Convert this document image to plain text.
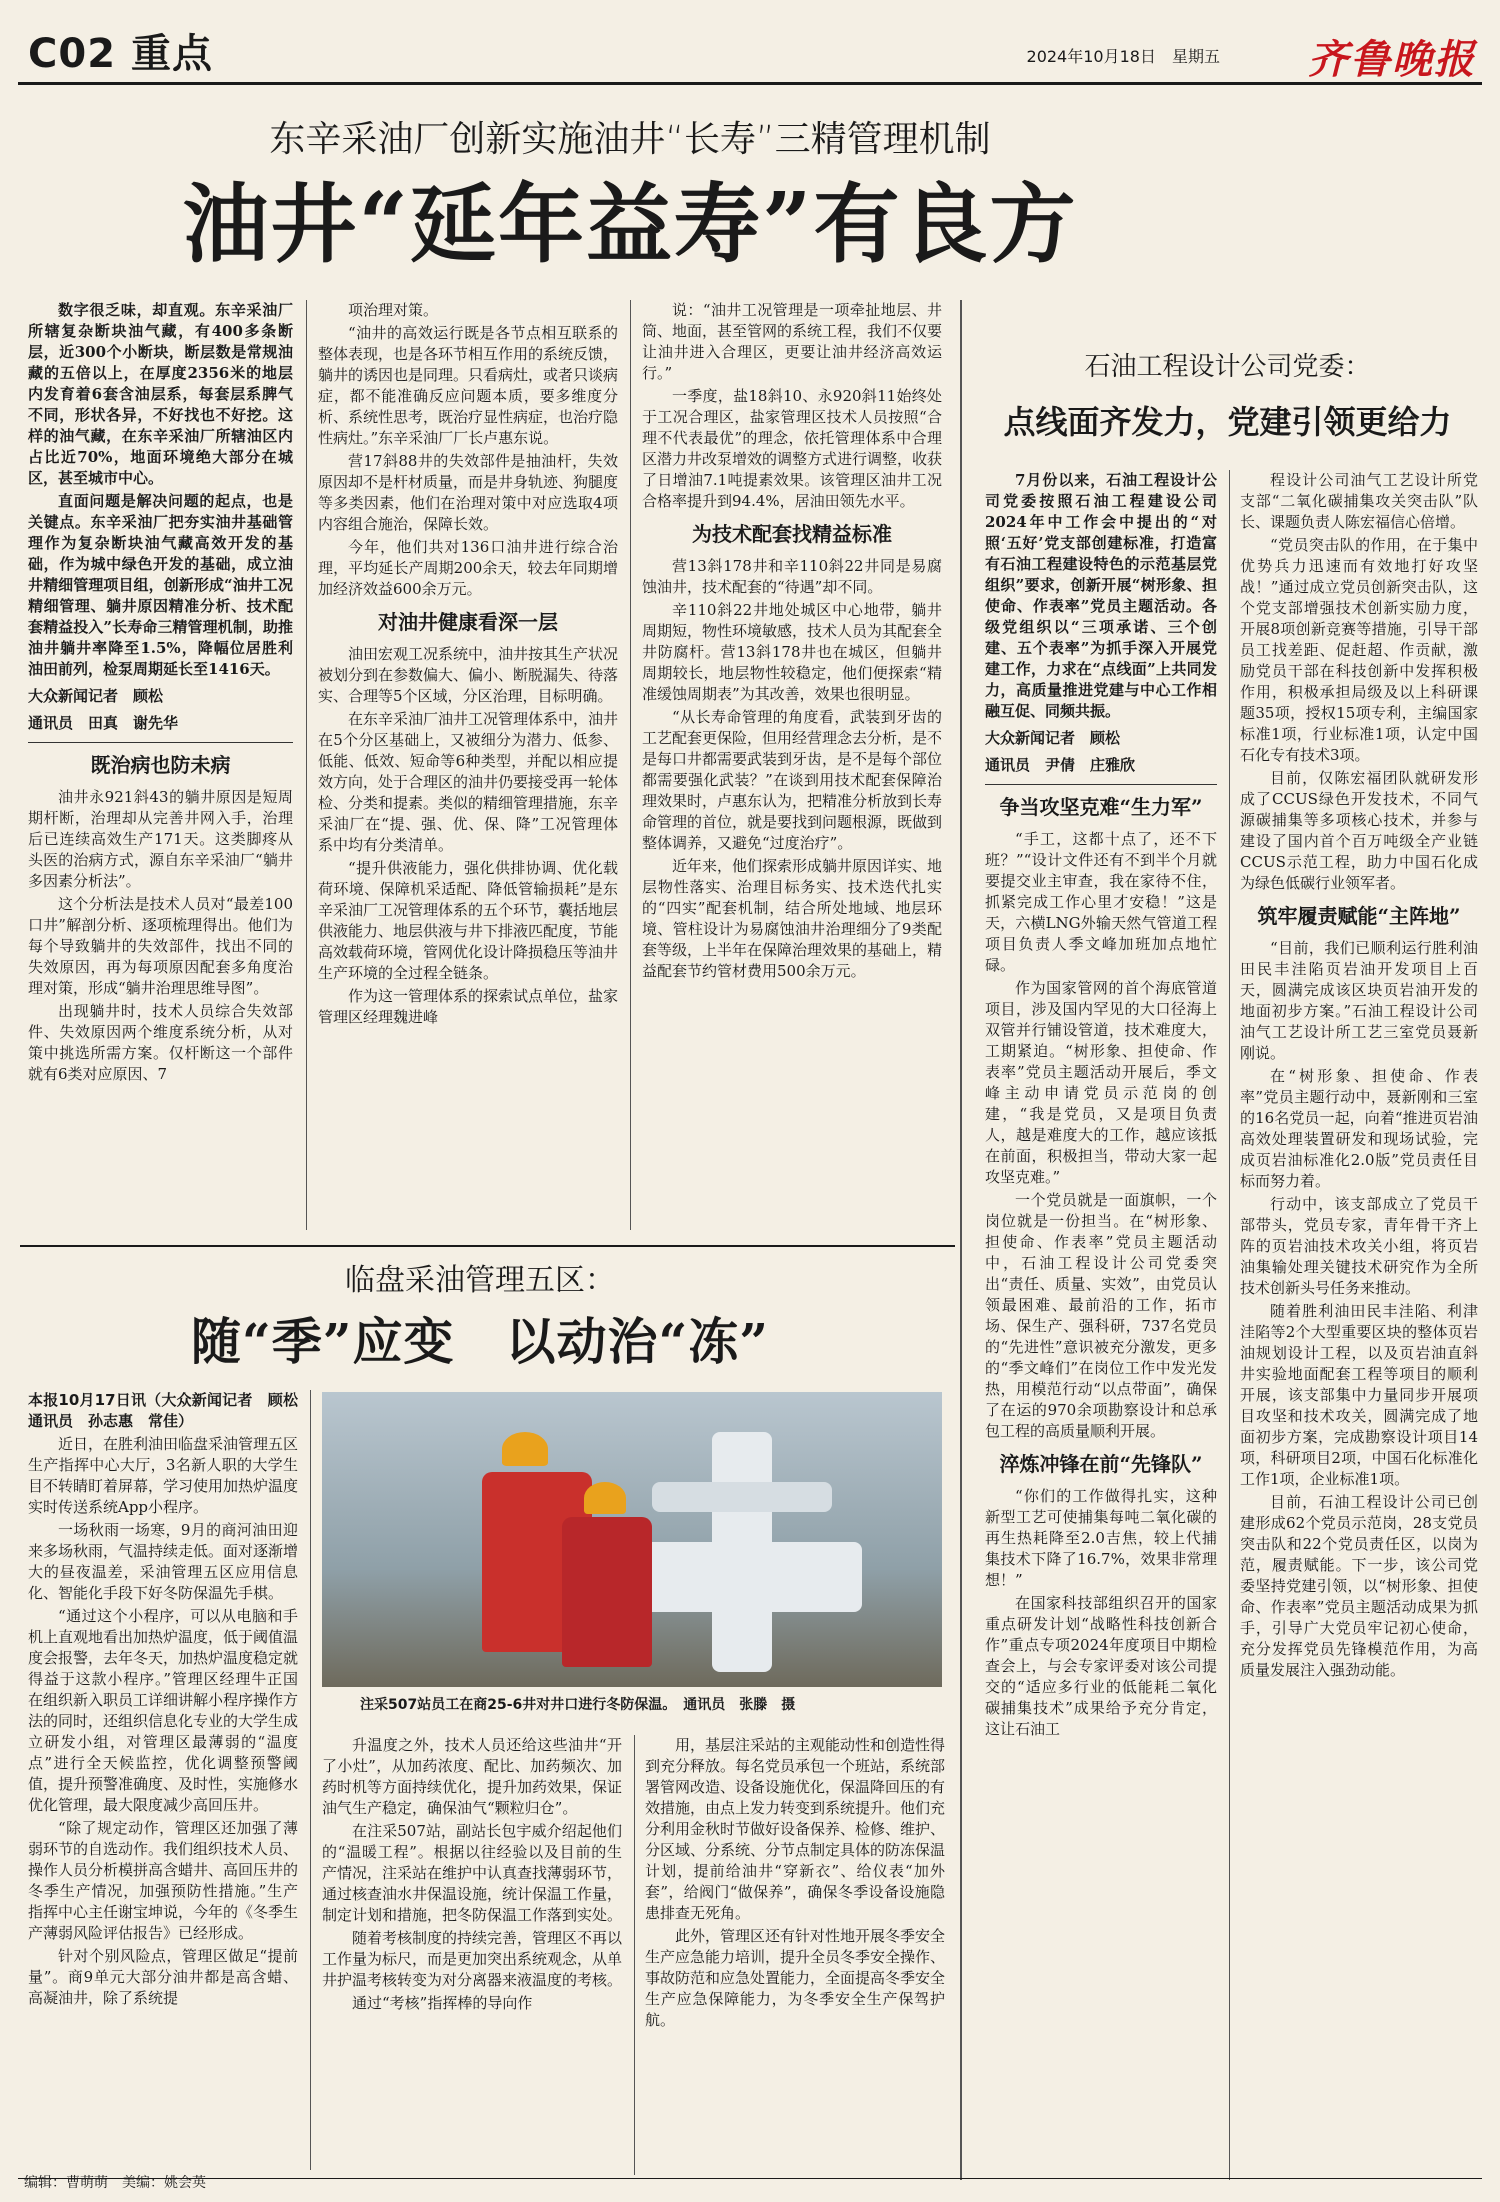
C02 重点	2024年10月18日　 星期五 齐鲁晚报
东辛采油厂创新实施油井“长寿”三精管理机制
油井“延年益寿”有良方

数字很乏味，却直观。东辛采油厂所辖复杂断块油气藏，有400多条断层，近300个小断块，断层数是常规油藏的五倍以上，在厚度2356米的地层内发育着6套含油层系，每套层系脾气不同，形状各异，不好找也不好挖。这样的油气藏，在东辛采油厂所辖油区内占比近70%，地面环境绝大部分在城区，甚至城市中心。

直面问题是解决问题的起点，也是关键点。东辛采油厂把夯实油井基础管理作为复杂断块油气藏高效开发的基础，作为城中绿色开发的基础，成立油井精细管理项目组，创新形成“油井工况精细管理、躺井原因精准分析、技术配套精益投入”长寿命三精管理机制，助推油井躺井率降至1.5%，降幅位居胜利油田前列，检泵周期延长至1416天。

大众新闻记者　顾松

通讯员　田真　谢先华

既治病也防未病

油井永921斜43的躺井原因是短周期杆断，治理却从完善井网入手，治理后已连续高效生产171天。这类脚疼从头医的治病方式，源自东辛采油厂“躺井多因素分析法”。

这个分析法是技术人员对“最差100口井”解剖分析、逐项梳理得出。他们为每个导致躺井的失效部件，找出不同的失效原因，再为每项原因配套多角度治理对策，形成“躺井治理思维导图”。

出现躺井时，技术人员综合失效部件、失效原因两个维度系统分析，从对策中挑选所需方案。仅杆断这一个部件就有6类对应原因、7

项治理对策。

“油井的高效运行既是各节点相互联系的整体表现，也是各环节相互作用的系统反馈，躺井的诱因也是同理。只看病灶，或者只谈病症，都不能准确反应问题本质，要多维度分析、系统性思考，既治疗显性病症，也治疗隐性病灶。”东辛采油厂厂长卢惠东说。

营17斜88井的失效部件是抽油杆，失效原因却不是杆材质量，而是井身轨迹、狗腿度等多类因素，他们在治理对策中对应选取4项内容组合施治，保障长效。

今年，他们共对136口油井进行综合治理，平均延长产周期200余天，较去年同期增加经济效益600余万元。

对油井健康看深一层

油田宏观工况系统中，油井按其生产状况被划分到在参数偏大、偏小、断脱漏失、待落实、合理等5个区域，分区治理，目标明确。

在东辛采油厂油井工况管理体系中，油井在5个分区基础上，又被细分为潜力、低参、低能、低效、短命等6种类型，并配以相应提效方向，处于合理区的油井仍要接受再一轮体检、分类和提素。类似的精细管理措施，东辛采油厂在“提、强、优、保、降”工况管理体系中均有分类清单。

“提升供液能力，强化供排协调、优化载荷环境、保障机采适配、降低管输损耗”是东辛采油厂工况管理体系的五个环节，囊括地层供液能力、地层供液与井下排液匹配度，节能高效载荷环境，管网优化设计降损稳压等油井生产环境的全过程全链条。

作为这一管理体系的探索试点单位，盐家管理区经理魏进峰

说：“油井工况管理是一项牵扯地层、井筒、地面，甚至管网的系统工程，我们不仅要让油井进入合理区，更要让油井经济高效运行。”

一季度，盐18斜10、永920斜11始终处于工况合理区，盐家管理区技术人员按照“合理不代表最优”的理念，依托管理体系中合理区潜力井改泵增效的调整方式进行调整，收获了日增油7.1吨提素效果。该管理区油井工况合格率提升到94.4%，居油田领先水平。

为技术配套找精益标准

营13斜178井和辛110斜22井同是易腐蚀油井，技术配套的“待遇”却不同。

辛110斜22井地处城区中心地带，躺井周期短，物性环境敏感，技术人员为其配套全井防腐杆。营13斜178井也在城区，但躺井周期较长，地层物性较稳定，他们便探索“精准缓蚀周期表”为其改善，效果也很明显。

“从长寿命管理的角度看，武装到牙齿的工艺配套更保险，但用经营理念去分析，是不是每口井都需要武装到牙齿，是不是每个部位都需要强化武装？”在谈到用技术配套保障治理效果时，卢惠东认为，把精准分析放到长寿命管理的首位，就是要找到问题根源，既做到整体调养，又避免“过度治疗”。

近年来，他们探索形成躺井原因详实、地层物性落实、治理目标务实、技术迭代扎实的“四实”配套机制，结合所处地域、地层环境、管柱设计为易腐蚀油井治理细分了9类配套等级，上半年在保障治理效果的基础上，精益配套节约管材费用500余万元。

石油工程设计公司党委：
点线面齐发力，党建引领更给力

7月份以来，石油工程设计公司党委按照石油工程建设公司2024年中工作会中提出的“对照‘五好’党支部创建标准，打造富有石油工程建设特色的示范基层党组织”要求，创新开展“树形象、担使命、作表率”党员主题活动。各级党组织以“三项承诺、三个创建、五个表率”为抓手深入开展党建工作，力求在“点线面”上共同发力，高质量推进党建与中心工作相融互促、同频共振。

大众新闻记者　顾松

通讯员　尹倩　庄雅欣

争当攻坚克难“生力军”

“手工，这都十点了，还不下班？”“设计文件还有不到半个月就要提交业主审查，我在家待不住，抓紧完成工作心里才安稳！”这是天，六横LNG外输天然气管道工程项目负责人季文峰加班加点地忙碌。

作为国家管网的首个海底管道项目，涉及国内罕见的大口径海上双管并行铺设管道，技术难度大，工期紧迫。“树形象、担使命、作表率”党员主题活动开展后，季文峰主动申请党员示范岗的创建，“我是党员，又是项目负责人，越是难度大的工作，越应该抵在前面，积极担当，带动大家一起攻坚克难。”

一个党员就是一面旗帜，一个岗位就是一份担当。在“树形象、担使命、作表率”党员主题活动中，石油工程设计公司党委突出“责任、质量、实效”，由党员认领最困难、最前沿的工作，拓市场、保生产、强科研，737名党员的“先进性”意识被充分激发，更多的“季文峰们”在岗位工作中发光发热，用模范行动“以点带面”，确保了在运的970余项勘察设计和总承包工程的高质量顺利开展。

淬炼冲锋在前“先锋队”

“你们的工作做得扎实，这种新型工艺可使捕集每吨二氧化碳的再生热耗降至2.0吉焦，较上代捕集技术下降了16.7%，效果非常理想！”

在国家科技部组织召开的国家重点研发计划“战略性科技创新合作”重点专项2024年度项目中期检查会上，与会专家评委对该公司提交的“适应多行业的低能耗二氧化碳捕集技术”成果给予充分肯定，这让石油工

程设计公司油气工艺设计所党支部“二氧化碳捕集攻关突击队”队长、课题负责人陈宏福信心倍增。

“党员突击队的作用，在于集中优势兵力迅速而有效地打好攻坚战！”通过成立党员创新突击队，这个党支部增强技术创新实励力度，开展8项创新竞赛等措施，引导干部员工找差距、促赶超、作贡献，激励党员干部在科技创新中发挥积极作用，积极承担局级及以上科研课题35项，授权15项专利，主编国家标准1项，行业标准1项，认定中国石化专有技术3项。

目前，仅陈宏福团队就研发形成了CCUS绿色开发技术，不同气源碳捕集等多项核心技术，并参与建设了国内首个百万吨级全产业链CCUS示范工程，助力中国石化成为绿色低碳行业领军者。

筑牢履责赋能“主阵地”

“目前，我们已顺利运行胜利油田民丰洼陷页岩油开发项目上百天，圆满完成该区块页岩油开发的地面初步方案。”石油工程设计公司油气工艺设计所工艺三室党员聂新刚说。

在“树形象、担使命、作表率”党员主题行动中，聂新刚和三室的16名党员一起，向着“推进页岩油高效处理装置研发和现场试验，完成页岩油标准化2.0版”党员责任目标而努力着。

行动中，该支部成立了党员干部带头，党员专家，青年骨干齐上阵的页岩油技术攻关小组，将页岩油集输处理关键技术研究作为全所技术创新头号任务来推动。

随着胜利油田民丰洼陷、利津洼陷等2个大型重要区块的整体页岩油规划设计工程，以及页岩油直斜井实验地面配套工程等项目的顺利开展，该支部集中力量同步开展项目攻坚和技术攻关，圆满完成了地面初步方案，完成勘察设计项目14项，科研项目2项，中国石化标准化工作1项，企业标准1项。

目前，石油工程设计公司已创建形成62个党员示范岗，28支党员突击队和22个党员责任区，以岗为范，履责赋能。下一步，该公司党委坚持党建引领，以“树形象、担使命、作表率”党员主题活动成果为抓手，引导广大党员牢记初心使命，充分发挥党员先锋模范作用，为高质量发展注入强劲动能。

临盘采油管理五区：
随“季”应变　以动治“冻”

本报10月17日讯（大众新闻记者　顾松　通讯员　孙志惠　常佳）

近日，在胜利油田临盘采油管理五区生产指挥中心大厅，3名新人职的大学生目不转睛盯着屏幕，学习使用加热炉温度实时传送系统App小程序。

一场秋雨一场寒，9月的商河油田迎来多场秋雨，气温持续走低。面对逐渐增大的昼夜温差，采油管理五区应用信息化、智能化手段下好冬防保温先手棋。

“通过这个小程序，可以从电脑和手机上直观地看出加热炉温度，低于阈值温度会报警，去年冬天，加热炉温度稳定就得益于这款小程序。”管理区经理牛正国在组织新入职员工详细讲解小程序操作方法的同时，还组织信息化专业的大学生成立研发小组，对管理区最薄弱的“温度点”进行全天候监控，优化调整预警阈值，提升预警准确度、及时性，实施修水优化管理，最大限度减少高回压井。

“除了规定动作，管理区还加强了薄弱环节的自选动作。我们组织技术人员、操作人员分析模拼高含蜡井、高回压井的冬季生产情况，加强预防性措施。”生产指挥中心主任谢宝坤说，今年的《冬季生产薄弱风险评估报告》已经形成。

针对个别风险点，管理区做足“提前量”。商9单元大部分油井都是高含蜡、高凝油井，除了系统提

注采507站员工在商25-6井对井口进行冬防保温。　通讯员　张滕　摄

升温度之外，技术人员还给这些油井“开了小灶”，从加药浓度、配比、加药频次、加药时机等方面持续优化，提升加药效果，保证油气生产稳定，确保油气“颗粒归仓”。

在注采507站，副站长包宇威介绍起他们的“温暖工程”。根据以往经验以及目前的生产情况，注采站在维护中认真查找薄弱环节，通过核查油水井保温设施，统计保温工作量，制定计划和措施，把冬防保温工作落到实处。

随着考核制度的持续完善，管理区不再以工作量为标尺，而是更加突出系统观念，从单井护温考核转变为对分离器来液温度的考核。

通过“考核”指挥棒的导向作

用，基层注采站的主观能动性和创造性得到充分释放。每名党员承包一个班站，系统部署管网改造、设备设施优化，保温降回压的有效措施，由点上发力转变到系统提升。他们充分利用金秋时节做好设备保养、检修、维护、分区域、分系统、分节点制定具体的防冻保温计划，提前给油井“穿新衣”、给仪表“加外套”，给阀门“做保养”，确保冬季设备设施隐患排查无死角。

此外，管理区还有针对性地开展冬季安全生产应急能力培训，提升全员冬季安全操作、事故防范和应急处置能力，全面提高冬季安全生产应急保障能力，为冬季安全生产保驾护航。

编辑：曹萌萌　美编：姚会英
